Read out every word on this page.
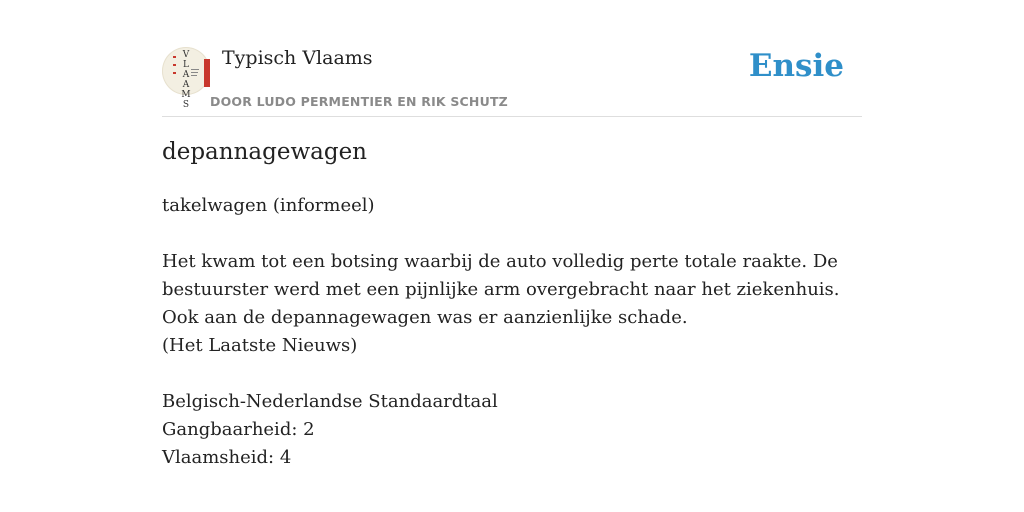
V L A A M S
Typisch Vlaams
DOOR LUDO PERMENTIER EN RIK SCHUTZ
Ensie
depannagewagen

takelwagen (informeel)

Het kwam tot een botsing waarbij de auto volledig perte totale raakte. De bestuurster werd met een pijnlijke arm overgebracht naar het ziekenhuis. Ook aan de depannagewagen was er aanzienlijke schade.

(Het Laatste Nieuws)

Belgisch-Nederlandse Standaardtaal

Gangbaarheid: 2

Vlaamsheid: 4
